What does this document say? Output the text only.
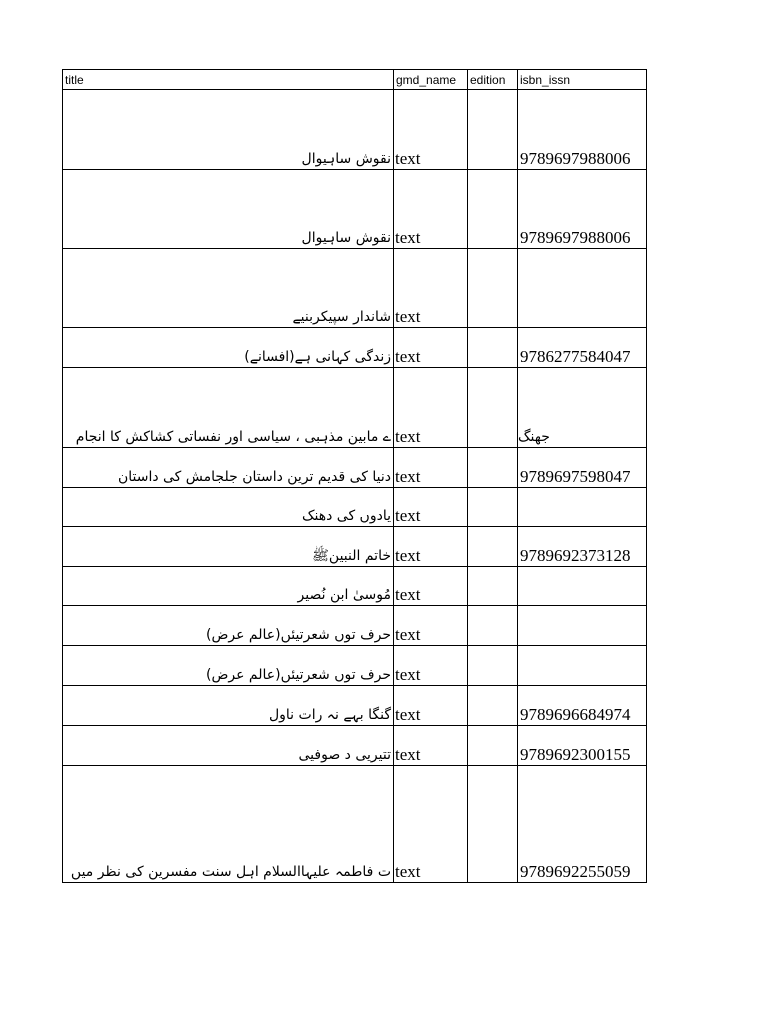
title	gmd_name	edition	isbn_issn
نقوش ساہیوال	text		9789697988006
نقوش ساہیوال	text		9789697988006
شاندار سپیکربنیے	text		
زندگی کہانی ہے(افسانے)	text		9786277584047
ے مابین مذہبی ، سیاسی اور نفساتی کشاکش کا انجام	text		جھنگ
دنیا کی قدیم ترین داستان جلجامش کی داستان	text		9789697598047
یادوں کی دھنک	text		
خاتم النبینﷺ	text		9789692373128
مُوسیٰ ابن نُصیر	text		
حرف توں شعرتیئں(عالم عرض)	text		
حرف توں شعرتیئں(عالم عرض)	text		
گنگا بہے نہ رات ناول	text		9789696684974
تتیریی د صوفیی	text		9789692300155
ت فاطمہ علیہاالسلام اہل سنت مفسرین کی نظر میں	text		9789692255059
